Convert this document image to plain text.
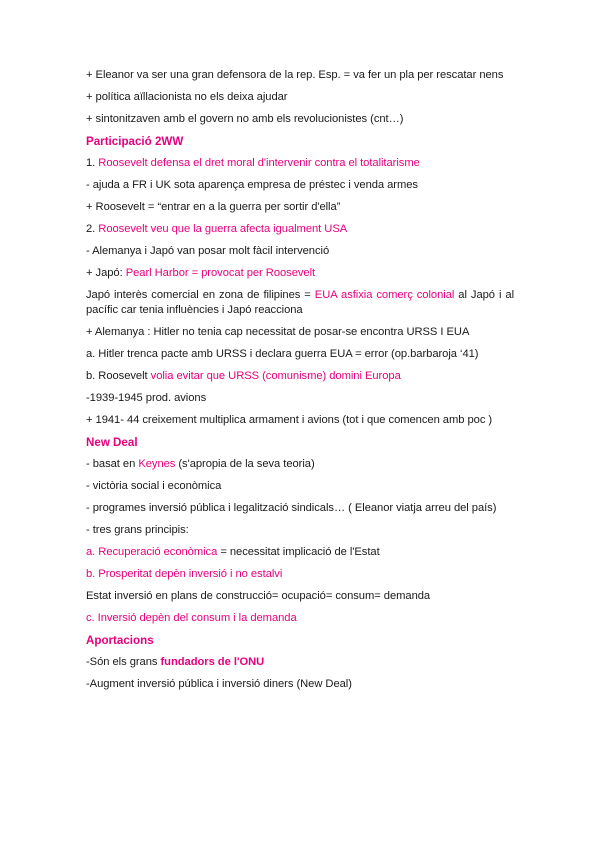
+ Eleanor va ser una gran defensora de la rep. Esp. = va fer un pla per rescatar nens

+ política aïllacionista no els deixa ajudar

+ sintonitzaven amb el govern no amb els revolucionistes (cnt…)

Participació 2WW

1. Roosevelt defensa el dret moral d'intervenir contra el totalitarisme

- ajuda a FR i UK sota aparença empresa de préstec i venda armes

+ Roosevelt = “entrar en a la guerra per sortir d'ella”

2. Roosevelt veu que la guerra afecta igualment USA

- Alemanya i Japó van posar molt fàcil intervenció

+ Japó: Pearl Harbor = provocat per Roosevelt

Japó interès comercial en zona de filipines = EUA asfixia comerç colonial al Japó i al pacífic car tenia influències i Japó reacciona

+ Alemanya : Hitler no tenia cap necessitat de posar-se encontra URSS I EUA

a. Hitler trenca pacte amb URSS i declara guerra EUA = error (op.barbaroja ‘41)

b. Roosevelt volia evitar que URSS (comunisme) domini Europa

-1939-1945 prod. avions

+ 1941- 44 creixement multiplica armament i avions (tot i que comencen amb poc )

New Deal

- basat en Keynes (s'apropia de la seva teoria)

- victòria social i econòmica

- programes inversió pública i legalització sindicals… ( Eleanor viatja arreu del país)

- tres grans principis:

a. Recuperació econòmica = necessitat implicació de l'Estat

b. Prosperitat depèn inversió i no estalvi

Estat inversió en plans de construcció= ocupació= consum= demanda

c. Inversió depèn del consum i la demanda

Aportacions

-Són els grans fundadors de l'ONU

-Augment inversió pública i inversió diners (New Deal)
